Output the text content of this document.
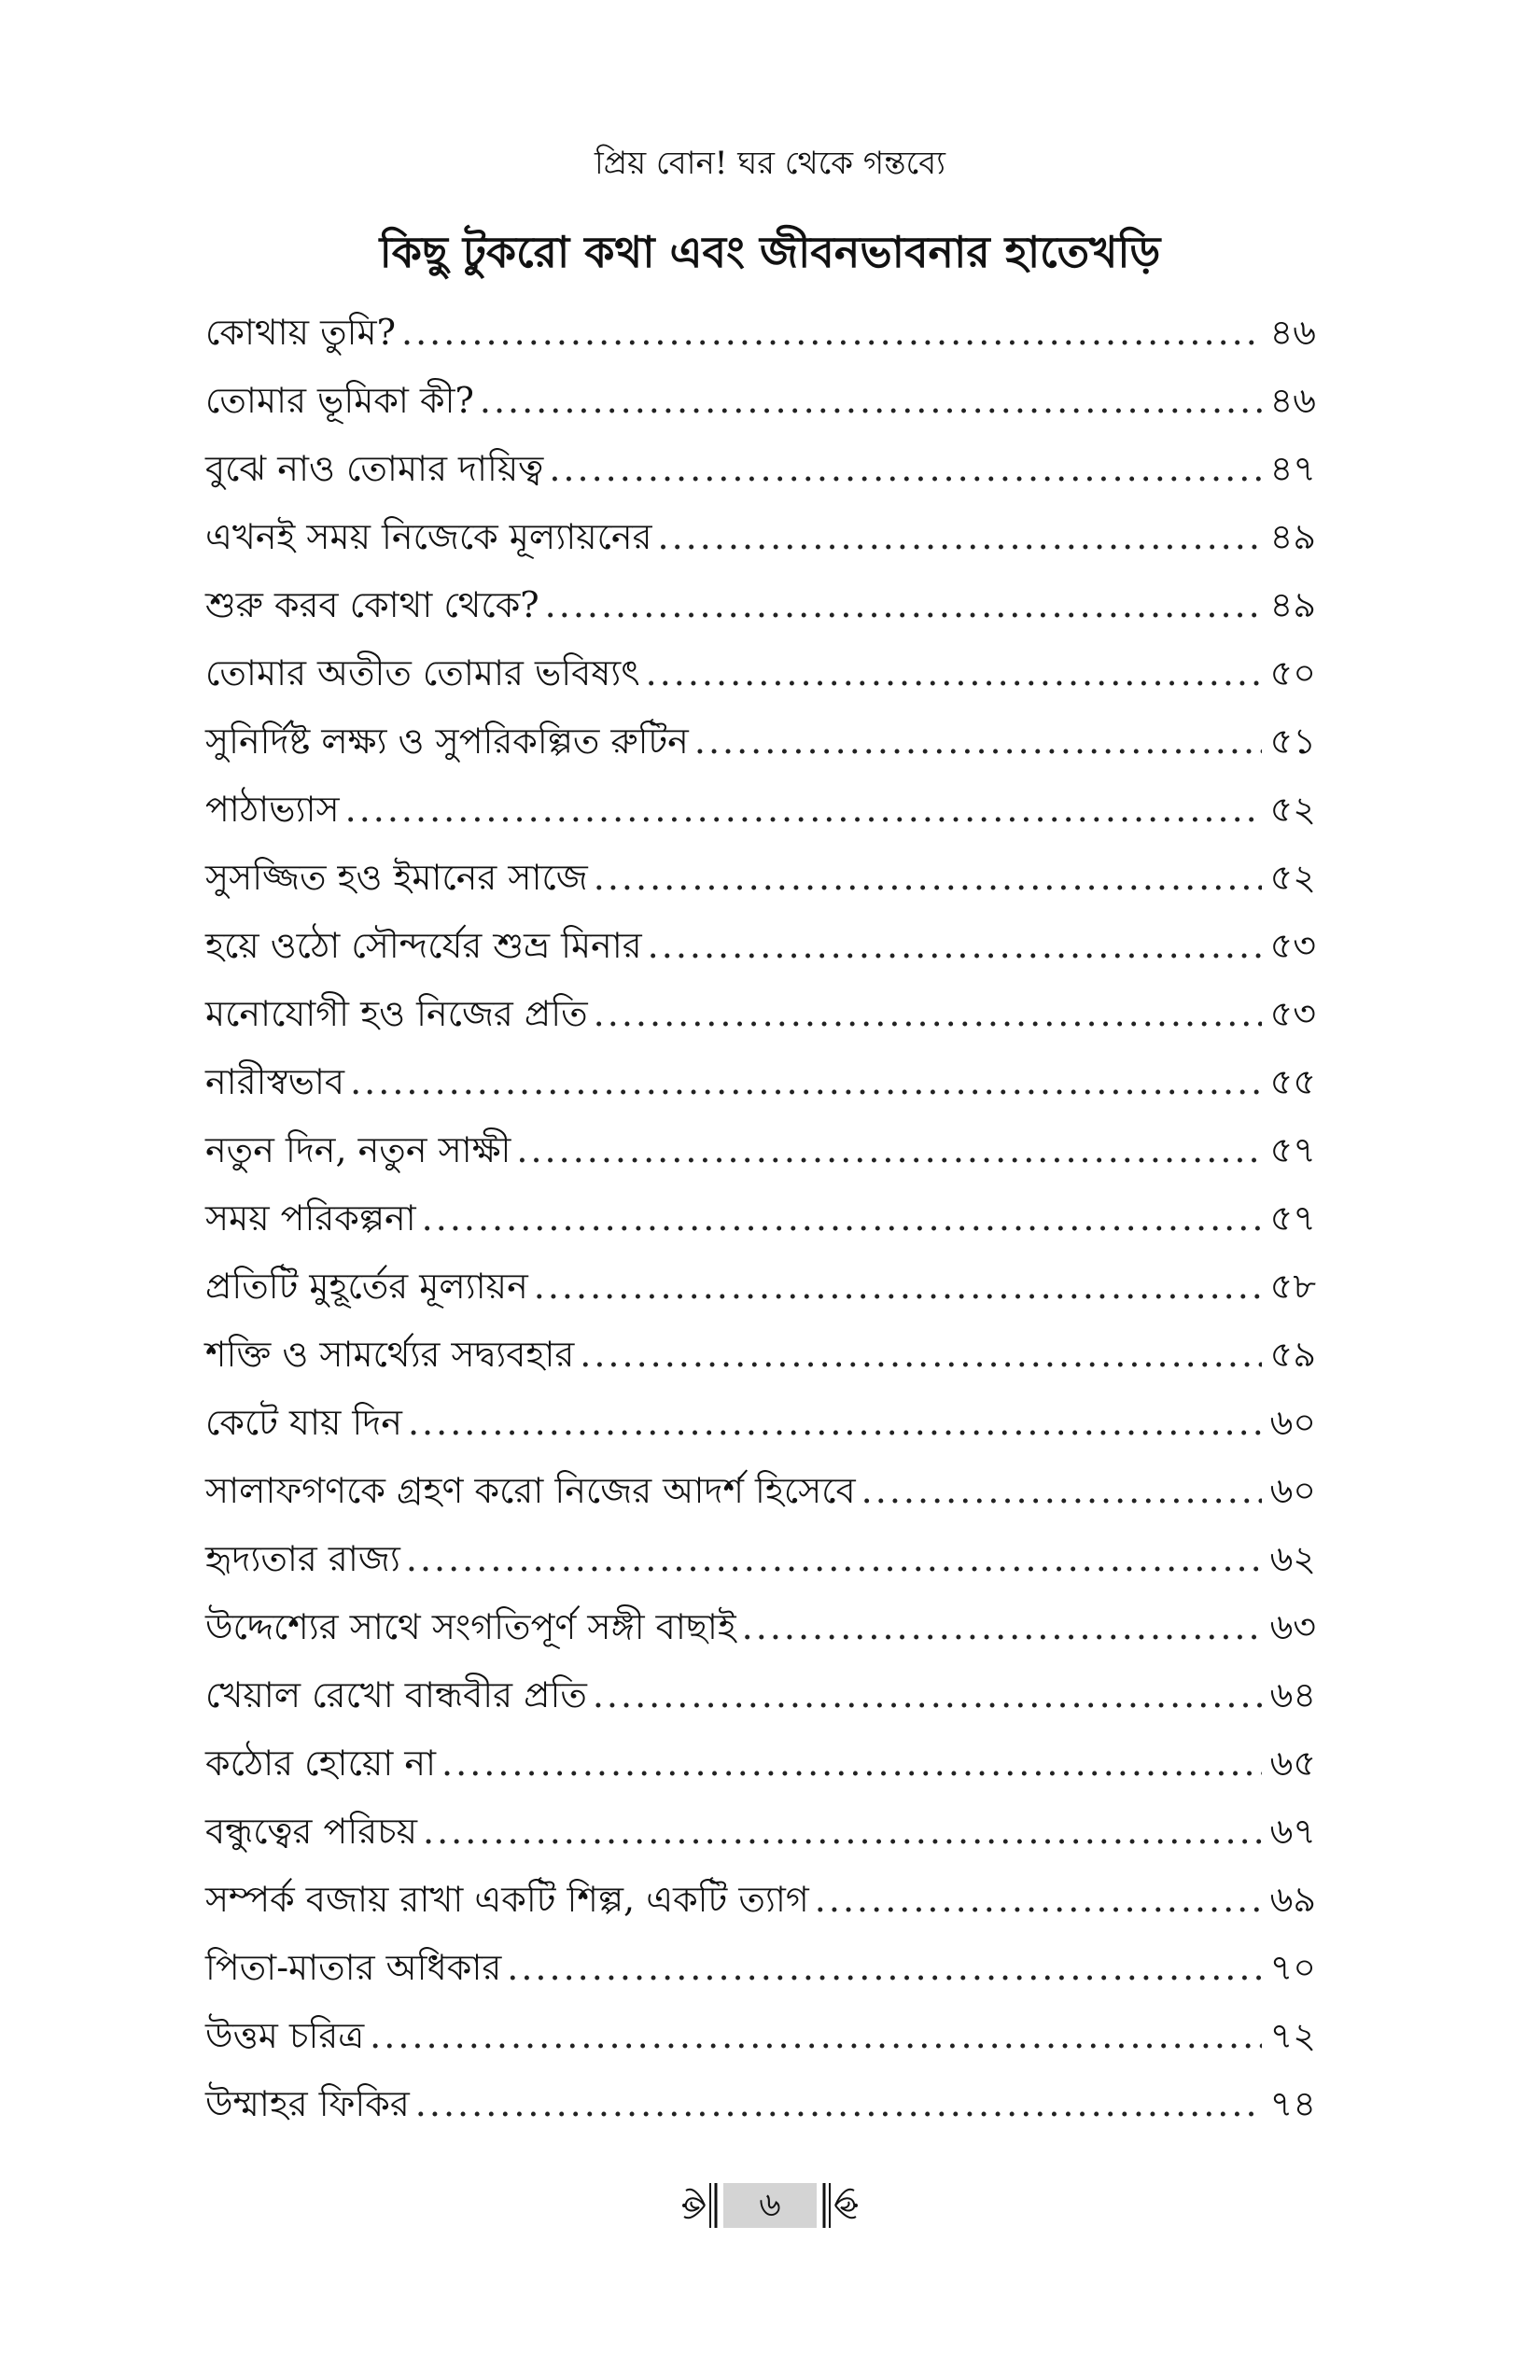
প্রিয় বোন! ঘর থেকে গন্তব্যে
কিছু টুকরো কথা এবং জীবনভাবনার হাতেখড়ি
কোথায় তুমি? .....	৪৬
তোমার ভূমিকা কী? .....	৪৬
বুঝে নাও তোমার দায়িত্ব .....	৪৭
এখনই সময় নিজেকে মূল্যায়নের .....	৪৯
শুরু করব কোথা থেকে? .....	৪৯
তোমার অতীত তোমার ভবিষ্যৎ .....	৫০
সুনির্দিষ্ট লক্ষ্য ও সুপরিকল্পিত রুটিন .....	৫১
পাঠাভ্যাস .....	৫২
সুসজ্জিত হও ইমানের সাজে .....	৫২
হয়ে ওঠো সৌন্দর্যের শুভ্র মিনার .....	৫৩
মনোযোগী হও নিজের প্রতি .....	৫৩
নারীস্বভাব .....	৫৫
নতুন দিন, নতুন সাক্ষী .....	৫৭
সময় পরিকল্পনা .....	৫৭
প্রতিটি মুহূর্তের মূল্যায়ন .....	৫৮
শক্তি ও সামর্থ্যের সদ্ব্যবহার .....	৫৯
কেটে যায় দিন .....	৬০
সালাফগণকে গ্রহণ করো নিজের আদর্শ হিসেবে .....	৬০
হৃদ্যতার রাজ্য .....	৬২
উদ্দেশ্যের সাথে সংগতিপূর্ণ সঙ্গী বাছাই .....	৬৩
খেয়াল রেখো বান্ধবীর প্রতি .....	৬৪
কঠোর হোয়ো না .....	৬৫
বন্ধুত্বের পরিচয় .....	৬৭
সম্পর্ক বজায় রাখা একটি শিল্প, একটি ত্যাগ .....	৬৯
পিতা-মাতার অধিকার .....	৭০
উত্তম চরিত্র .....	৭২
উম্মাহর ফিকির .....	৭৪
৬
